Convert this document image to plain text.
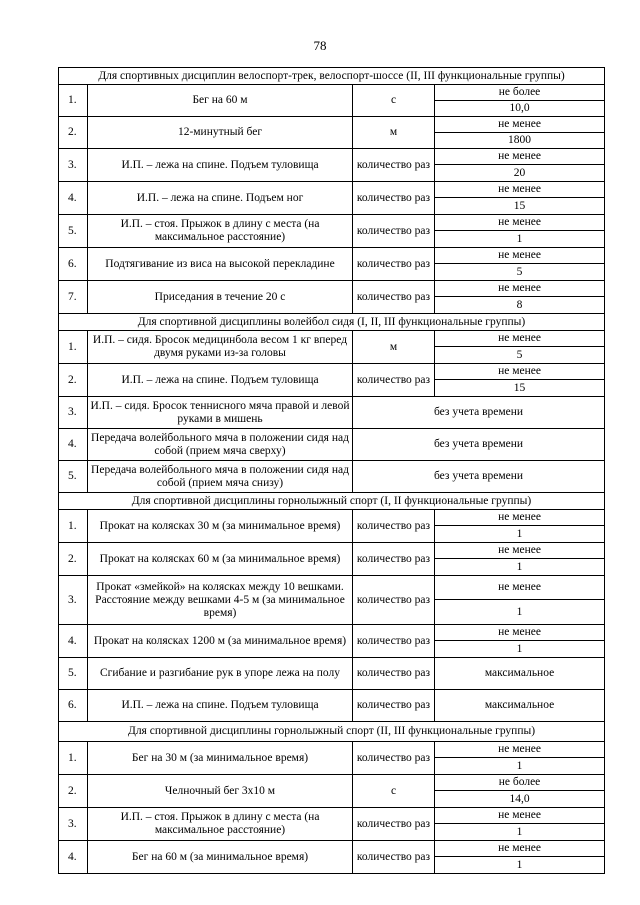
78
Для спортивных дисциплин велоспорт-трек, велоспорт-шоссе (II, III функциональные группы)			
1.	Бег на 60 м	с	не более
			10,0
2.	12-минутный бег	м	не менее
			1800
3.	И.П. – лежа на спине. Подъем туловища	количество раз	не менее
			20
4.	И.П. – лежа на спине. Подъем ног	количество раз	не менее
			15
5.	И.П. – стоя. Прыжок в длину с места (на максимальное расстояние)	количество раз	не менее
			1
6.	Подтягивание из виса на высокой перекладине	количество раз	не менее
			5
7.	Приседания в течение 20 с	количество раз	не менее
			8
Для спортивной дисциплины волейбол сидя (I, II, III функциональные группы)			
1.	И.П. – сидя. Бросок медицинбола весом 1 кг вперед двумя руками из-за головы	м	не менее
			5
2.	И.П. – лежа на спине. Подъем туловища	количество раз	не менее
			15
3.	И.П. – сидя. Бросок теннисного мяча правой и левой руками в мишень	без учета времени	
4.	Передача волейбольного мяча в положении сидя над собой (прием мяча сверху)	без учета времени	
5.	Передача волейбольного мяча в положении сидя над собой (прием мяча снизу)	без учета времени	
Для спортивной дисциплины горнолыжный спорт (I, II функциональные группы)			
1.	Прокат на колясках 30 м (за минимальное время)	количество раз	не менее
			1
2.	Прокат на колясках 60 м (за минимальное время)	количество раз	не менее
			1
3.	Прокат «змейкой» на колясках между 10 вешками. Расстояние между вешками 4-5 м (за минимальное время)	количество раз	не менее
			1
4.	Прокат на колясках 1200 м (за минимальное время)	количество раз	не менее
			1
5.	Сгибание и разгибание рук в упоре лежа на полу	количество раз	максимальное
6.	И.П. – лежа на спине. Подъем туловища	количество раз	максимальное
Для спортивной дисциплины горнолыжный спорт (II, III функциональные группы)			
1.	Бег на 30 м (за минимальное время)	количество раз	не менее
			1
2.	Челночный бег 3х10 м	с	не более
			14,0
3.	И.П. – стоя. Прыжок в длину с места (на максимальное расстояние)	количество раз	не менее
			1
4.	Бег на 60 м (за минимальное время)	количество раз	не менее
			1
